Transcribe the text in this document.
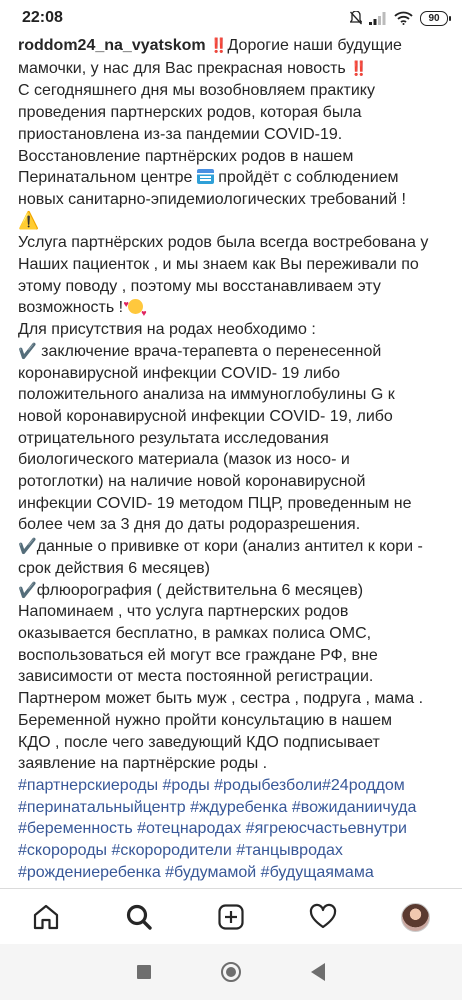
22:08	90
roddom24_na_vyatskom ‼️Дорогие наши будущие
мамочки, у нас для Вас прекрасная новость ‼️
С сегодняшнего дня мы возобновляем практику
проведения партнерских родов, которая была
приостановлена из-за пандемии COVID-19.
Восстановление партнёрских родов в нашем
Перинатальном центре пройдёт с соблюдением
новых санитарно-эпидемиологических требований !
⚠️
Услуга партнёрских родов была всегда востребована у
Наших пациенток , и мы знаем как Вы переживали по
этому поводу , поэтому мы восстанавливаем эту
возможность ! ♥ ♥
Для присутствия на родах необходимо :
✔️ заключение врача-терапевта о перенесенной
коронавирусной инфекции COVID- 19 либо
положительного анализа на иммуноглобулины G к
новой коронавирусной инфекции COVID- 19, либо
отрицательного результата исследования
биологического материала (мазок из носо- и
ротоглотки) на наличие новой коронавирусной
инфекции COVID- 19 методом ПЦР, проведенным не
более чем за 3 дня до даты родоразрешения.
✔️данные о прививке от кори (анализ антител к кори -
срок действия 6 месяцев)
✔️флюорография ( действительна 6 месяцев)
Напоминаем , что услуга партнерских родов
оказывается бесплатно, в рамках полиса ОМС,
воспользоваться ей могут все граждане РФ, вне
зависимости от места постоянной регистрации.
Партнером может быть муж , сестра , подруга , мама .
Беременной нужно пройти консультацию в нашем
КДО , после чего заведующий КДО подписывает
заявление на партнёрские роды .
#партнерскиероды #роды #родыбезболи#24роддом
#перинатальныйцентр #ждуребенка #вожиданиичуда
#беременность #отецнародах #ягреюсчастьевнутри
#скоророды #скорородители #танцывродах
#рождениеребенка #будумамой #будущаямама
